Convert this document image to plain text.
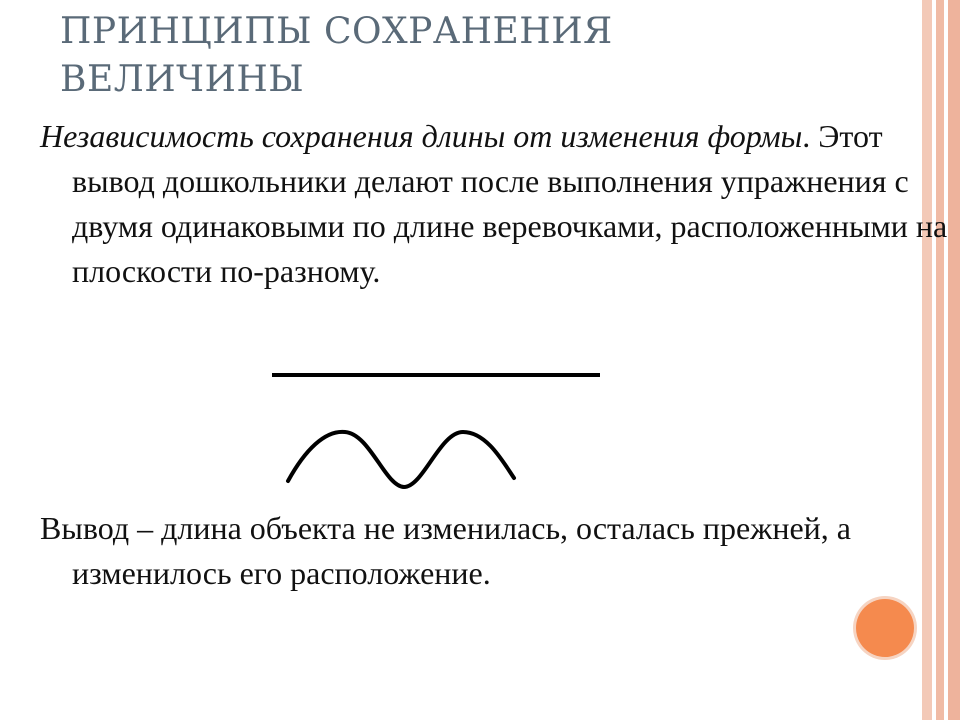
ПРИНЦИПЫ СОХРАНЕНИЯ
ВЕЛИЧИНЫ

Независимость сохранения длины от изменения формы. Этот вывод дошкольники делают после выполнения упражнения с двумя одинаковыми по длине веревочками, расположенными на плоскости по-разному.

Вывод – длина объекта не изменилась, осталась прежней, а изменилось его расположение.
